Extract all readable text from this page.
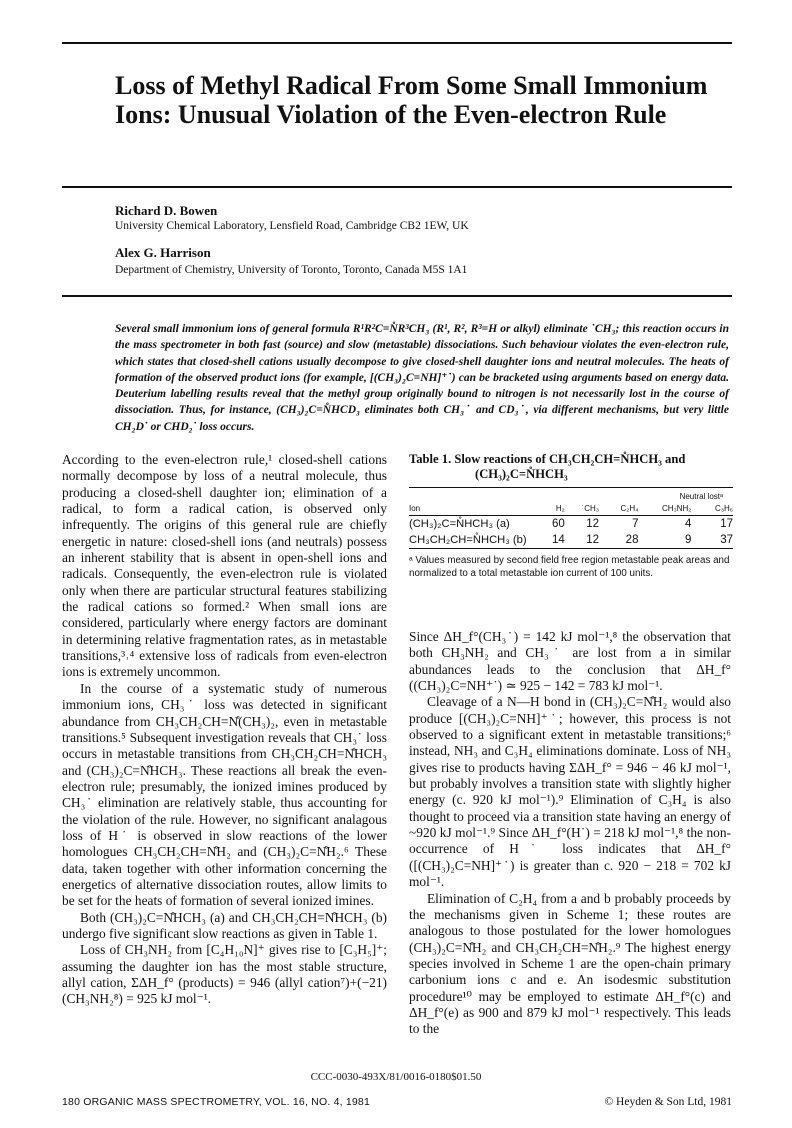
Loss of Methyl Radical From Some Small Immonium Ions: Unusual Violation of the Even-electron Rule

Richard D. Bowen

University Chemical Laboratory, Lensfield Road, Cambridge CB2 1EW, UK

Alex G. Harrison

Department of Chemistry, University of Toronto, Toronto, Canada M5S 1A1

Several small immonium ions of general formula R¹R²C=N̊R³CH₃ (R¹, R², R³=H or alkyl) eliminate ˙CH₃; this reaction occurs in the mass spectrometer in both fast (source) and slow (metastable) dissociations. Such behaviour violates the even-electron rule, which states that closed-shell cations usually decompose to give closed-shell daughter ions and neutral molecules. The heats of formation of the observed product ions (for example, [(CH₃)₂C=NH]⁺˙) can be bracketed using arguments based on energy data. Deuterium labelling results reveal that the methyl group originally bound to nitrogen is not necessarily lost in the course of dissociation. Thus, for instance, (CH₃)₂C=N̊HCD₃ eliminates both CH₃˙ and CD₃˙, via different mechanisms, but very little CH₂D˙ or CHD₂˙ loss occurs.

According to the even-electron rule,¹ closed-shell cations normally decompose by loss of a neutral molecule, thus producing a closed-shell daughter ion; elimination of a radical, to form a radical cation, is observed only infrequently. The origins of this general rule are chiefly energetic in nature: closed-shell ions (and neutrals) possess an inherent stability that is absent in open-shell ions and radicals. Consequently, the even-electron rule is violated only when there are particular structural features stabilizing the radical cations so formed.² When small ions are considered, particularly where energy factors are dominant in determining relative fragmentation rates, as in metastable transitions,³˒⁴ extensive loss of radicals from even-electron ions is extremely uncommon.

In the course of a systematic study of numerous immonium ions, CH₃˙ loss was detected in significant abundance from CH₃CH₂CH=N̊(CH₃)₂, even in metastable transitions.⁵ Subsequent investigation reveals that CH₃˙ loss occurs in metastable transitions from CH₃CH₂CH=N̊HCH₃ and (CH₃)₂C=N̊HCH₃. These reactions all break the even-electron rule; presumably, the ionized imines produced by CH₃˙ elimination are relatively stable, thus accounting for the violation of the rule. However, no significant analagous loss of H˙ is observed in slow reactions of the lower homologues CH₃CH₂CH=N̊H₂ and (CH₃)₂C=N̊H₂.⁶ These data, taken together with other information concerning the energetics of alternative dissociation routes, allow limits to be set for the heats of formation of several ionized imines.

Both (CH₃)₂C=N̊HCH₃ (a) and CH₃CH₂CH=N̊HCH₃ (b) undergo five significant slow reactions as given in Table 1.

Loss of CH₃NH₂ from [C₄H₁₀N]⁺ gives rise to [C₃H₅]⁺; assuming the daughter ion has the most stable structure, allyl cation, ΣΔH_f° (products) = 946 (allyl cation⁷)+(−21) (CH₃NH₂⁸) = 925 kJ mol⁻¹.

Table 1. Slow reactions of CH₃CH₂CH=N̊HCH₃ and (CH₃)₂C=N̊HCH₃

	Neutral lostᵃ				
Ion	H₂	˙CH₃	C₂H₄	CH₃NH₂	C₃H₆
(CH₃)₂C=N̊HCH₃ (a)	60	12	7	4	17
CH₃CH₂CH=N̊HCH₃ (b)	14	12	28	9	37

ᵃ Values measured by second field free region metastable peak areas and normalized to a total metastable ion current of 100 units.

Since ΔH_f°(CH₃˙) = 142 kJ mol⁻¹,⁸ the observation that both CH₃NH₂ and CH₃˙ are lost from a in similar abundances leads to the conclusion that ΔH_f°((CH₃)₂C=NH⁺˙) ≃ 925 − 142 = 783 kJ mol⁻¹.

Cleavage of a N—H bond in (CH₃)₂C=N̊H₂ would also produce [(CH₃)₂C=NH]⁺˙; however, this process is not observed to a significant extent in metastable transitions;⁶ instead, NH₃ and C₃H₄ eliminations dominate. Loss of NH₃ gives rise to products having ΣΔH_f° = 946 − 46 kJ mol⁻¹, but probably involves a transition state with slightly higher energy (c. 920 kJ mol⁻¹).⁹ Elimination of C₃H₄ is also thought to proceed via a transition state having an energy of ~920 kJ mol⁻¹.⁹ Since ΔH_f°(H˙) = 218 kJ mol⁻¹,⁸ the non-occurrence of H˙ loss indicates that ΔH_f°([(CH₃)₂C=NH]⁺˙) is greater than c. 920 − 218 = 702 kJ mol⁻¹.

Elimination of C₂H₄ from a and b probably proceeds by the mechanisms given in Scheme 1; these routes are analogous to those postulated for the lower homologues (CH₃)₂C=N̊H₂ and CH₃CH₂CH=N̊H₂.⁹ The highest energy species involved in Scheme 1 are the open-chain primary carbonium ions c and e. An isodesmic substitution procedure¹⁰ may be employed to estimate ΔH_f°(c) and ΔH_f°(e) as 900 and 879 kJ mol⁻¹ respectively. This leads to the

CCC-0030-493X/81/0016-0180$01.50

180 ORGANIC MASS SPECTROMETRY, VOL. 16, NO. 4, 1981	© Heyden & Son Ltd, 1981
